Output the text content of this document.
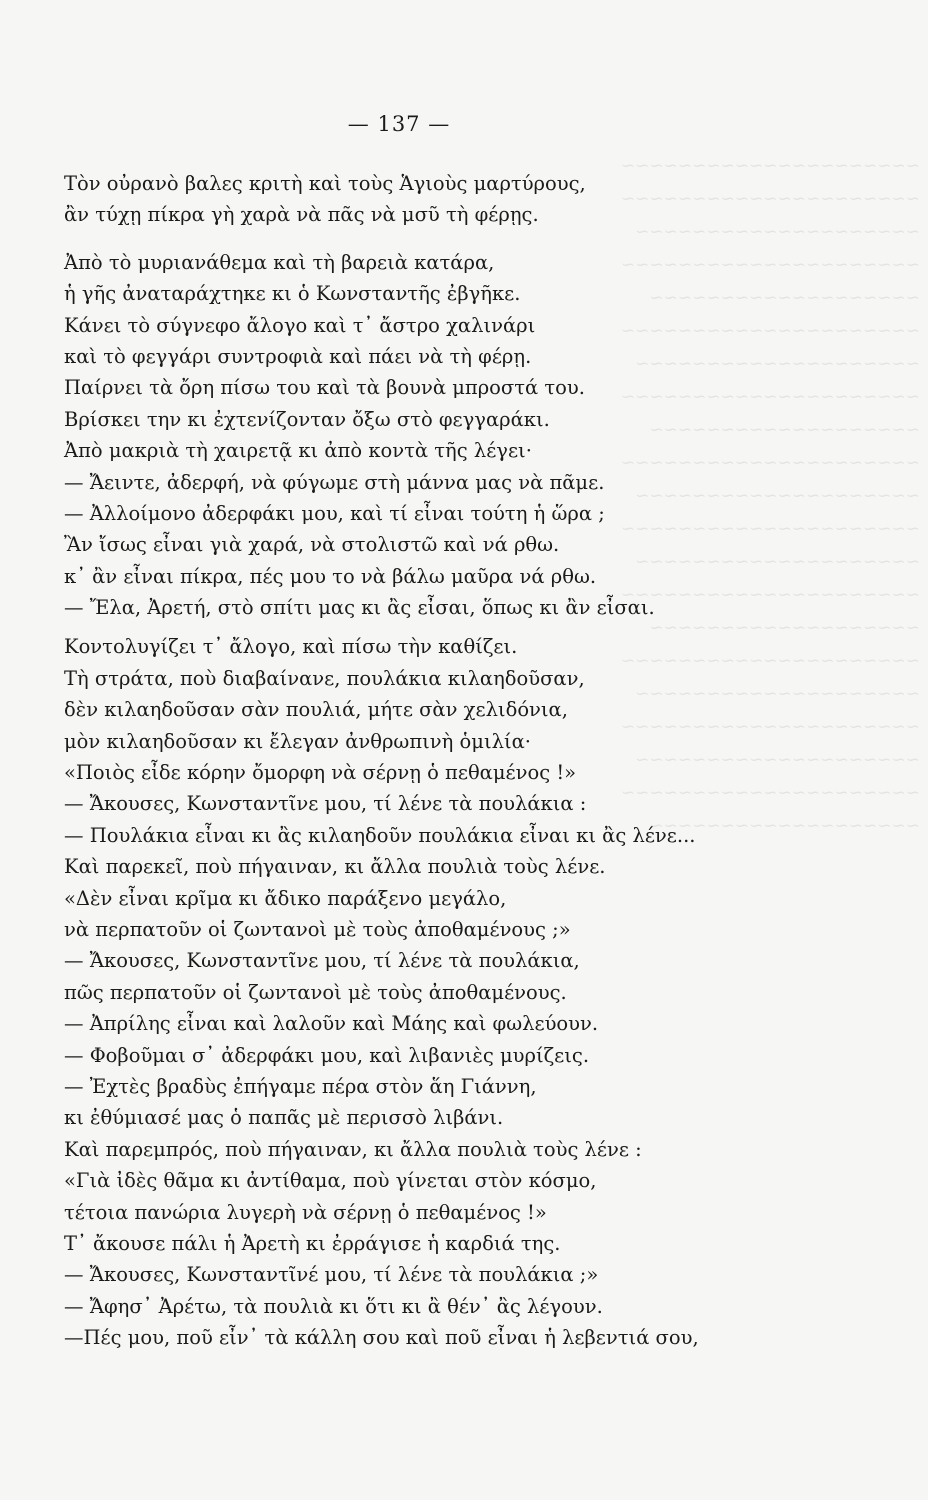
~~~~~~~~~~~~~~~~~~~~~
~~~~~~~~~~~~~~~~~~~~~
~~~~~~~~~~~~~~~~~~~~
~~~~~~~~~~~~~~~~~~~~~
~~~~~~~~~~~~~~~~~~~
~~~~~~~~~~~~~~~~~~~~~
~~~~~~~~~~~~~~~~~~~~
~~~~~~~~~~~~~~~~~~~~~
~~~~~~~~~~~~~~~~~~~
~~~~~~~~~~~~~~~~~~~~~
~~~~~~~~~~~~~~~~~~~~
~~~~~~~~~~~~~~~~~~~~~
~~~~~~~~~~~~~~~~~~~~
~~~~~~~~~~~~~~~~~~~~~
~~~~~~~~~~~~~~~~~~~
~~~~~~~~~~~~~~~~~~~~~
~~~~~~~~~~~~~~~~~~~~
~~~~~~~~~~~~~~~~~~~~~
~~~~~~~~~~~~~~~~~~~~
~~~~~~~~~~~~~~~~~~~~~
~~~~~~~~~~~~~~~~~~~

— 137 —
Τὸν οὐρανὸ βαλες κριτὴ καὶ τοὺς Ἁγιοὺς μαρτύρους,
ἂν τύχῃ πίκρα γὴ χαρὰ νὰ πᾶς νὰ μσῦ τὴ φέρῃς.
Ἀπὸ τὸ μυριανάθεμα καὶ τὴ βαρειὰ κατάρα,
ἡ γῆς ἀναταράχτηκε κι ὁ Κωνσταντῆς ἐβγῆκε.
Κάνει τὸ σύγνεφο ἄλογο καὶ τ᾽ ἄστρο χαλινάρι
καὶ τὸ φεγγάρι συντροφιὰ καὶ πάει νὰ τὴ φέρῃ.
Παίρνει τὰ ὄρη πίσω του καὶ τὰ βουνὰ μπροστά του.
Βρίσκει την κι ἐχτενίζονταν ὄξω στὸ φεγγαράκι.
Ἀπὸ μακριὰ τὴ χαιρετᾷ κι ἀπὸ κοντὰ τῆς λέγει·
— Ἄειντε, ἀδερφή, νὰ φύγωμε στὴ μάννα μας νὰ πᾶμε.
— Ἀλλοίμονο ἀδερφάκι μου, καὶ τί εἶναι τούτη ἡ ὥρα ;
Ἂν ἴσως εἶναι γιὰ χαρά, νὰ στολιστῶ καὶ νά ρθω.
κ᾽ ἂν εἶναι πίκρα, πές μου το νὰ βάλω μαῦρα νά ρθω.
— Ἔλα, Ἀρετή, στὸ σπίτι μας κι ἂς εἶσαι, ὅπως κι ἂν εἶσαι.
Κοντολυγίζει τ᾽ ἄλογο, καὶ πίσω τὴν καθίζει.
Τὴ στράτα, ποὺ διαβαίνανε, πουλάκια κιλαηδοῦσαν,
δὲν κιλαηδοῦσαν σὰν πουλιά, μήτε σὰν χελιδόνια,
μὸν κιλαηδοῦσαν κι ἔλεγαν ἀνθρωπινὴ ὁμιλία·
«Ποιὸς εἶδε κόρην ὄμορφη νὰ σέρνῃ ὁ πεθαμένος !»
— Ἄκουσες, Κωνσταντῖνε μου, τί λένε τὰ πουλάκια :
— Πουλάκια εἶναι κι ἂς κιλαηδοῦν πουλάκια εἶναι κι ἂς λένε...
Καὶ παρεκεῖ, ποὺ πήγαιναν, κι ἄλλα πουλιὰ τοὺς λένε.
«Δὲν εἶναι κρῖμα κι ἄδικο παράξενο μεγάλο,
νὰ περπατοῦν οἱ ζωντανοὶ μὲ τοὺς ἀποθαμένους ;»
— Ἄκουσες, Κωνσταντῖνε μου, τί λένε τὰ πουλάκια,
πῶς περπατοῦν οἱ ζωντανοὶ μὲ τοὺς ἀποθαμένους.
— Ἀπρίλης εἶναι καὶ λαλοῦν καὶ Μάης καὶ φωλεύουν.
— Φοβοῦμαι σ᾽ ἀδερφάκι μου, καὶ λιβανιὲς μυρίζεις.
— Ἐχτὲς βραδὺς ἐπήγαμε πέρα στὸν ἅη Γιάννη,
κι ἐθύμιασέ μας ὁ παπᾶς μὲ περισσὸ λιβάνι.
Καὶ παρεμπρός, ποὺ πήγαιναν, κι ἄλλα πουλιὰ τοὺς λένε :
«Γιὰ ἰδὲς θᾶμα κι ἀντίθαμα, ποὺ γίνεται στὸν κόσμο,
τέτοια πανώρια λυγερὴ νὰ σέρνῃ ὁ πεθαμένος !»
Τ᾽ ἄκουσε πάλι ἡ Ἀρετὴ κι ἐρράγισε ἡ καρδιά της.
— Ἄκουσες, Κωνσταντῖνέ μου, τί λένε τὰ πουλάκια ;»
— Ἄφησ᾽ Ἀρέτω, τὰ πουλιὰ κι ὅτι κι ἂ θέν᾽ ἂς λέγουν.
—Πές μου, ποῦ εἶν᾽ τὰ κάλλη σου καὶ ποῦ εἶναι ἡ λεβεντιά σου,
